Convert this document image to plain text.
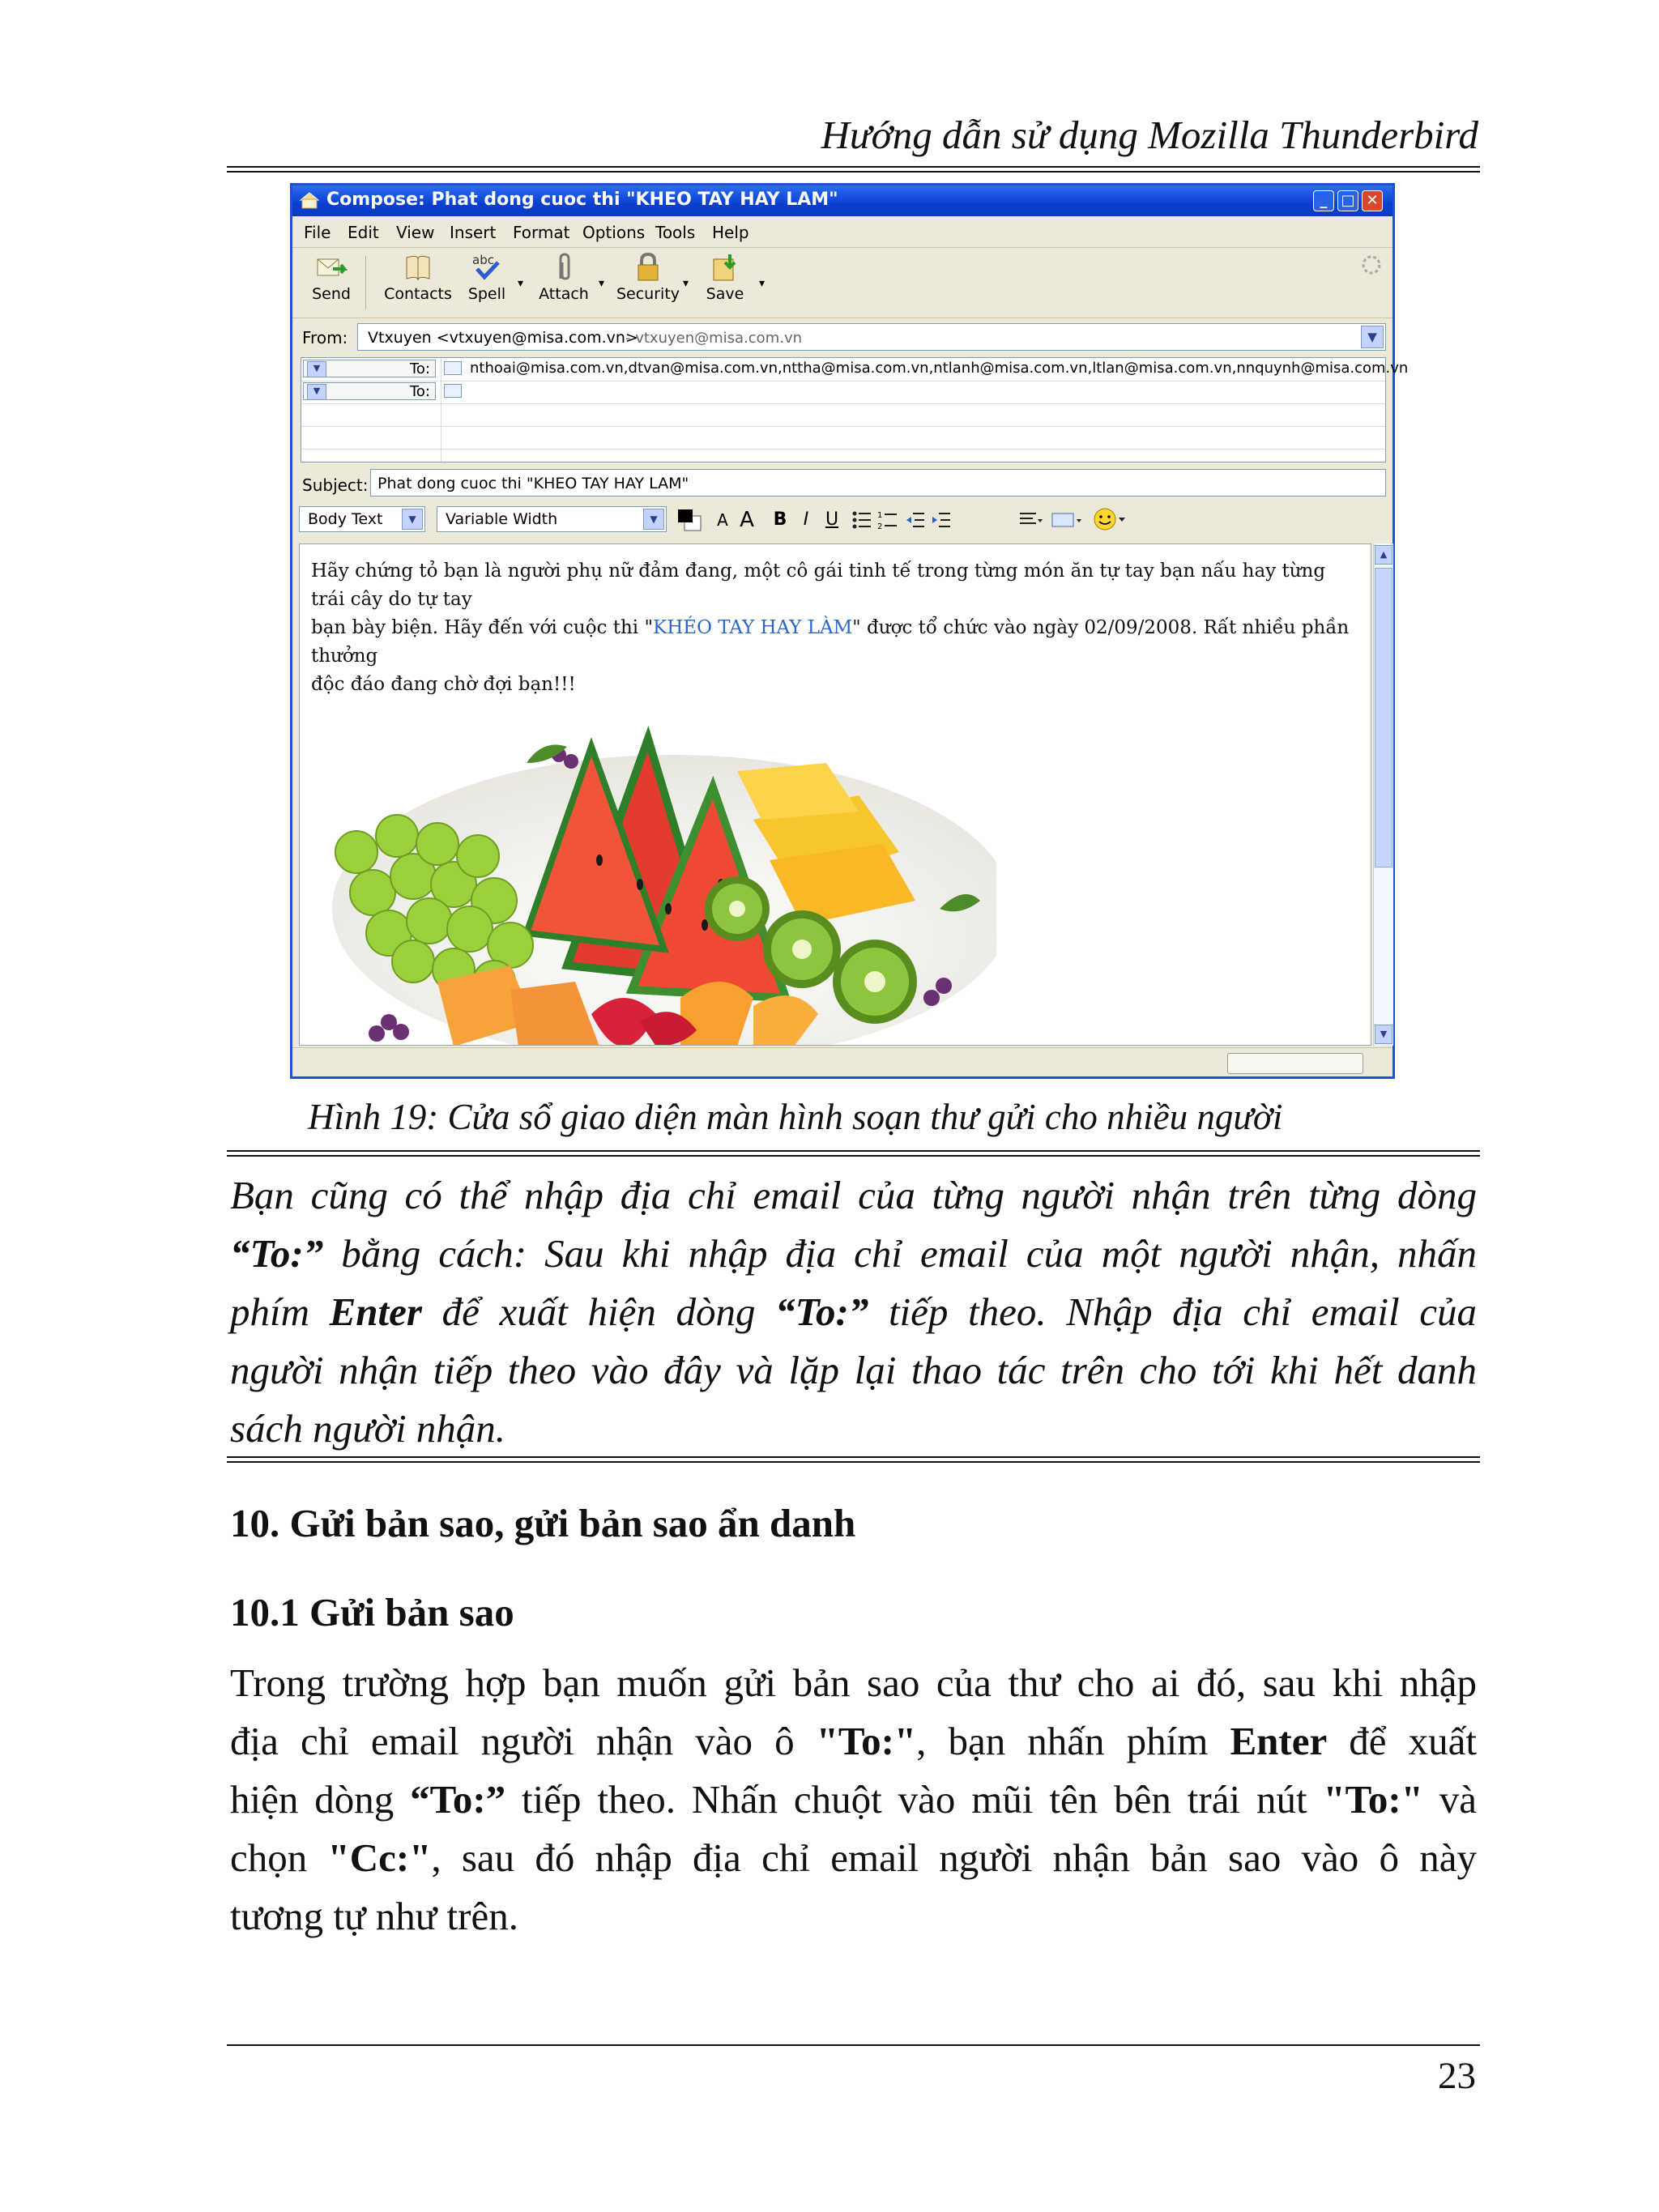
Hướng dẫn sử dụng Mozilla Thunderbird
Compose: Phat dong cuoc thi "KHEO TAY HAY LAM"	_ □ ✕
File Edit View Insert Format Options Tools Help
Send	Contacts
abc
Spell
▾
Attach
▾
Security
▾
Save
▾
From: Vtxuyen <vtxuyen@misa.com.vn>
- vtxuyen@misa.com.vn	▼
▼	To:	nthoai@misa.com.vn,dtvan@misa.com.vn,nttha@misa.com.vn,ntlanh@misa.com.vn,ltlan@misa.com.vn,nnquynh@misa.com.vn
▼	To:
Subject: Phat dong cuoc thi "KHEO TAY HAY LAM"
Body Text	▼	Variable Width	▼	A A B I U	1
2
Hãy chứng tỏ bạn là người phụ nữ đảm đang, một cô gái tinh tế trong từng món ăn tự tay bạn nấu hay từng trái cây do tự tay
bạn bày biện. Hãy đến với cuộc thi "KHÉO TAY HAY LÀM" được tổ chức vào ngày 02/09/2008. Rất nhiều phần thưởng
độc đáo đang chờ đợi bạn!!!
▲
▼
Hình 19: Cửa sổ giao diện màn hình soạn thư gửi cho nhiều người
Bạn cũng có thể nhập địa chỉ email của từng người nhận trên từng dòng
“To:” bằng cách: Sau khi nhập địa chỉ email của một người nhận, nhấn
phím Enter để xuất hiện dòng “To:” tiếp theo. Nhập địa chỉ email của
người nhận tiếp theo vào đây và lặp lại thao tác trên cho tới khi hết danh
sách người nhận.
10. Gửi bản sao, gửi bản sao ẩn danh
10.1 Gửi bản sao
Trong trường hợp bạn muốn gửi bản sao của thư cho ai đó, sau khi nhập
địa chỉ email người nhận vào ô "To:", bạn nhấn phím Enter để xuất
hiện dòng “To:” tiếp theo. Nhấn chuột vào mũi tên bên trái nút "To:" và
chọn "Cc:", sau đó nhập địa chỉ email người nhận bản sao vào ô này
tương tự như trên.
23
